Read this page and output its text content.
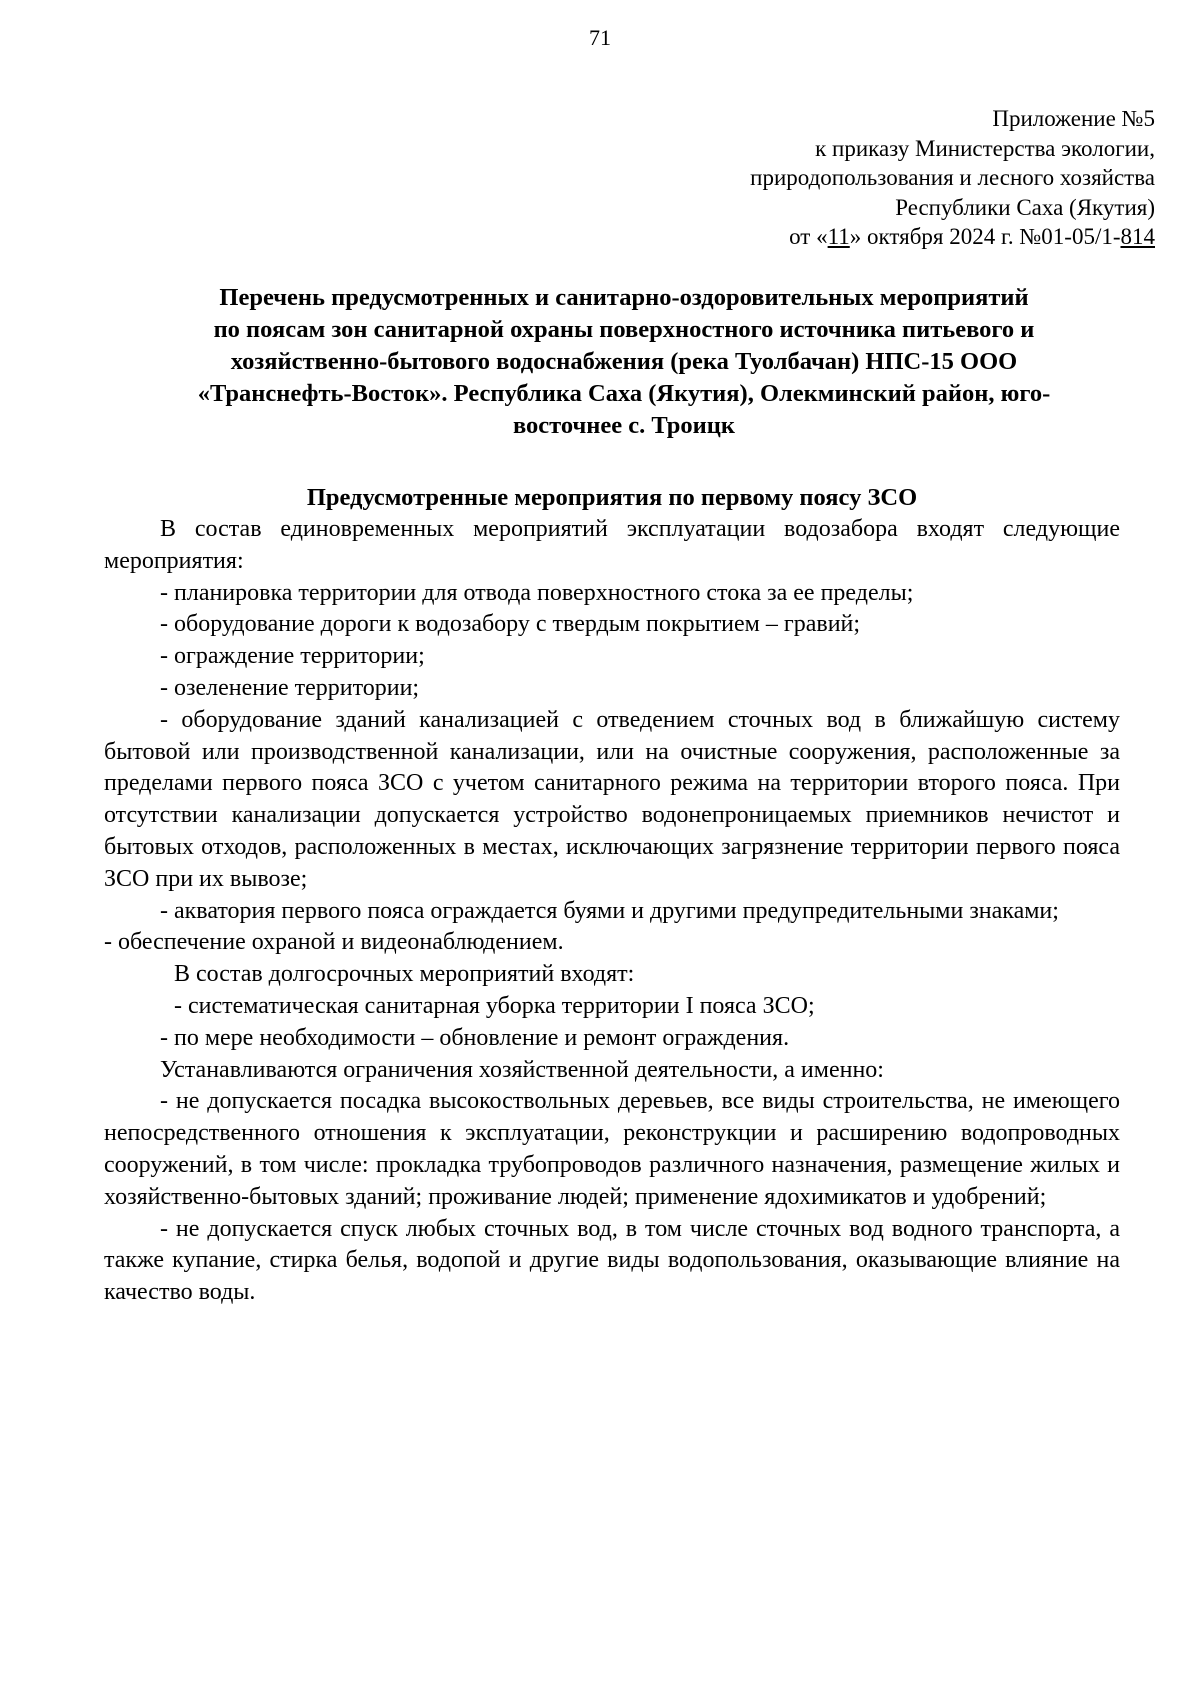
71
Приложение №5
к приказу Министерства экологии,
природопользования и лесного хозяйства
Республики Саха (Якутия)
от «11» октября 2024 г. №01-05/1-814
Перечень предусмотренных и санитарно-оздоровительных мероприятий
по поясам зон санитарной охраны поверхностного источника питьевого и
хозяйственно-бытового водоснабжения (река Туолбачан) НПС-15 ООО
«Транснефть-Восток». Республика Саха (Якутия), Олекминский район, юго-
восточнее с. Троицк
Предусмотренные мероприятия по первому поясу ЗСО

В состав единовременных мероприятий эксплуатации водозабора входят следующие мероприятия:

- планировка территории для отвода поверхностного стока за ее пределы;

- оборудование дороги к водозабору с твердым покрытием – гравий;

- ограждение территории;

- озеленение территории;

- оборудование зданий канализацией с отведением сточных вод в ближайшую систему бытовой или производственной канализации, или на очистные сооружения, расположенные за пределами первого пояса ЗСО с учетом санитарного режима на территории второго пояса. При отсутствии канализации допускается устройство водонепроницаемых приемников нечистот и бытовых отходов, расположенных в местах, исключающих загрязнение территории первого пояса ЗСО при их вывозе;

- акватория первого пояса ограждается буями и другими предупредительными знаками;

- обеспечение охраной и видеонаблюдением.

В состав долгосрочных мероприятий входят:

- систематическая санитарная уборка территории I пояса ЗСО;

- по мере необходимости – обновление и ремонт ограждения.

Устанавливаются ограничения хозяйственной деятельности, а именно:

- не допускается посадка высокоствольных деревьев, все виды строительства, не имеющего непосредственного отношения к эксплуатации, реконструкции и расширению водопроводных сооружений, в том числе: прокладка трубопроводов различного назначения, размещение жилых и хозяйственно-бытовых зданий; проживание людей; применение ядохимикатов и удобрений;

- не допускается спуск любых сточных вод, в том числе сточных вод водного транспорта, а также купание, стирка белья, водопой и другие виды водопользования, оказывающие влияние на качество воды.
